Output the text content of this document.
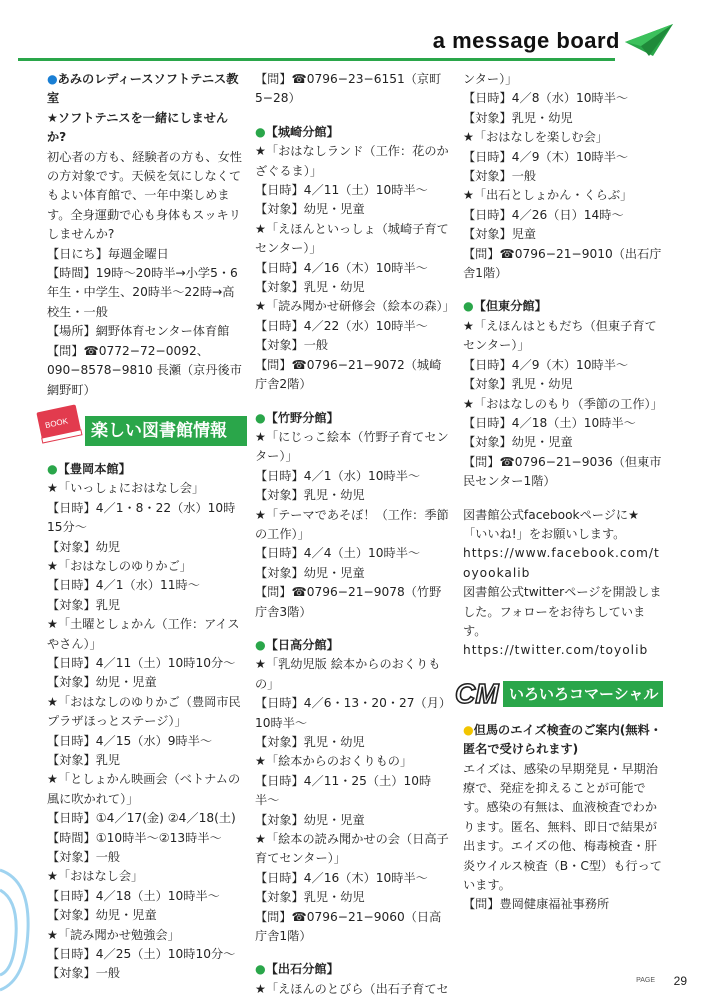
a message board

●あみのレディースソフトテニス教室

★ソフトテニスを一緒にしませんか?

初心者の方も、経験者の方も、女性の方対象です。天候を気にしなくてもよい体育館で、一年中楽しめます。全身運動で心も身体もスッキリしませんか?

【日にち】毎週金曜日

【時間】19時〜20時半→小学5・6年生・中学生、20時半〜22時→高校生・一般

【場所】網野体育センター体育館

【問】☎0772−72−0092、090−8578−9810 長瀬（京丹後市網野町）

BOOK	楽しい図書館情報

●【豊岡本館】

★「いっしょにおはなし会」

【日時】4／1・8・22（水）10時15分〜

【対象】幼児

★「おはなしのゆりかご」

【日時】4／1（水）11時〜

【対象】乳児

★「土曜としょかん（工作：アイスやさん）」

【日時】4／11（土）10時10分〜

【対象】幼児・児童

★「おはなしのゆりかご（豊岡市民プラザほっとステージ）」

【日時】4／15（水）9時半〜

【対象】乳児

★「としょかん映画会（ベトナムの風に吹かれて）」

【日時】①4／17(金) ②4／18(土)

【時間】①10時半〜②13時半〜

【対象】一般

★「おはなし会」

【日時】4／18（土）10時半〜

【対象】幼児・児童

★「読み聞かせ勉強会」

【日時】4／25（土）10時10分〜

【対象】一般

【問】☎0796−23−6151（京町5−28）

●【城崎分館】

★「おはなしランド（工作：花のかざぐるま）」

【日時】4／11（土）10時半〜

【対象】幼児・児童

★「えほんといっしょ（城崎子育てセンター）」

【日時】4／16（木）10時半〜

【対象】乳児・幼児

★「読み聞かせ研修会（絵本の森）」

【日時】4／22（水）10時半〜

【対象】一般

【問】☎0796−21−9072（城崎庁舎2階）

●【竹野分館】

★「にじっこ絵本（竹野子育てセンター）」

【日時】4／1（水）10時半〜

【対象】乳児・幼児

★「テーマであそぼ！（工作：季節の工作）」

【日時】4／4（土）10時半〜

【対象】幼児・児童

【問】☎0796−21−9078（竹野庁舎3階）

●【日高分館】

★「乳幼児版 絵本からのおくりもの」

【日時】4／6・13・20・27（月）10時半〜

【対象】乳児・幼児

★「絵本からのおくりもの」

【日時】4／11・25（土）10時半〜

【対象】幼児・児童

★「絵本の読み聞かせの会（日高子育てセンター）」

【日時】4／16（木）10時半〜

【対象】乳児・幼児

【問】☎0796−21−9060（日高庁舎1階）

●【出石分館】

★「えほんのとびら（出石子育てセ

ンター）」

【日時】4／8（水）10時半〜

【対象】乳児・幼児

★「おはなしを楽しむ会」

【日時】4／9（木）10時半〜

【対象】一般

★「出石としょかん・くらぶ」

【日時】4／26（日）14時〜

【対象】児童

【問】☎0796−21−9010（出石庁舎1階）

●【但東分館】

★「えほんはともだち（但東子育てセンター）」

【日時】4／9（木）10時半〜

【対象】乳児・幼児

★「おはなしのもり（季節の工作）」

【日時】4／18（土）10時半〜

【対象】幼児・児童

【問】☎0796−21−9036（但東市民センター1階）

図書館公式facebookページに★「いいね!」をお願いします。

https://www.facebook.com/toyookalib

図書館公式twitterページを開設しました。フォローをお待ちしています。

https://twitter.com/toyolib

CM いろいろコマーシャル

●但馬のエイズ検査のご案内(無料・匿名で受けられます)

エイズは、感染の早期発見・早期治療で、発症を抑えることが可能です。感染の有無は、血液検査でわかります。匿名、無料、即日で結果が出ます。エイズの他、梅毒検査・肝炎ウイルス検査（B・C型）も行っています。

【問】豊岡健康福祉事務所

PAGE 29
